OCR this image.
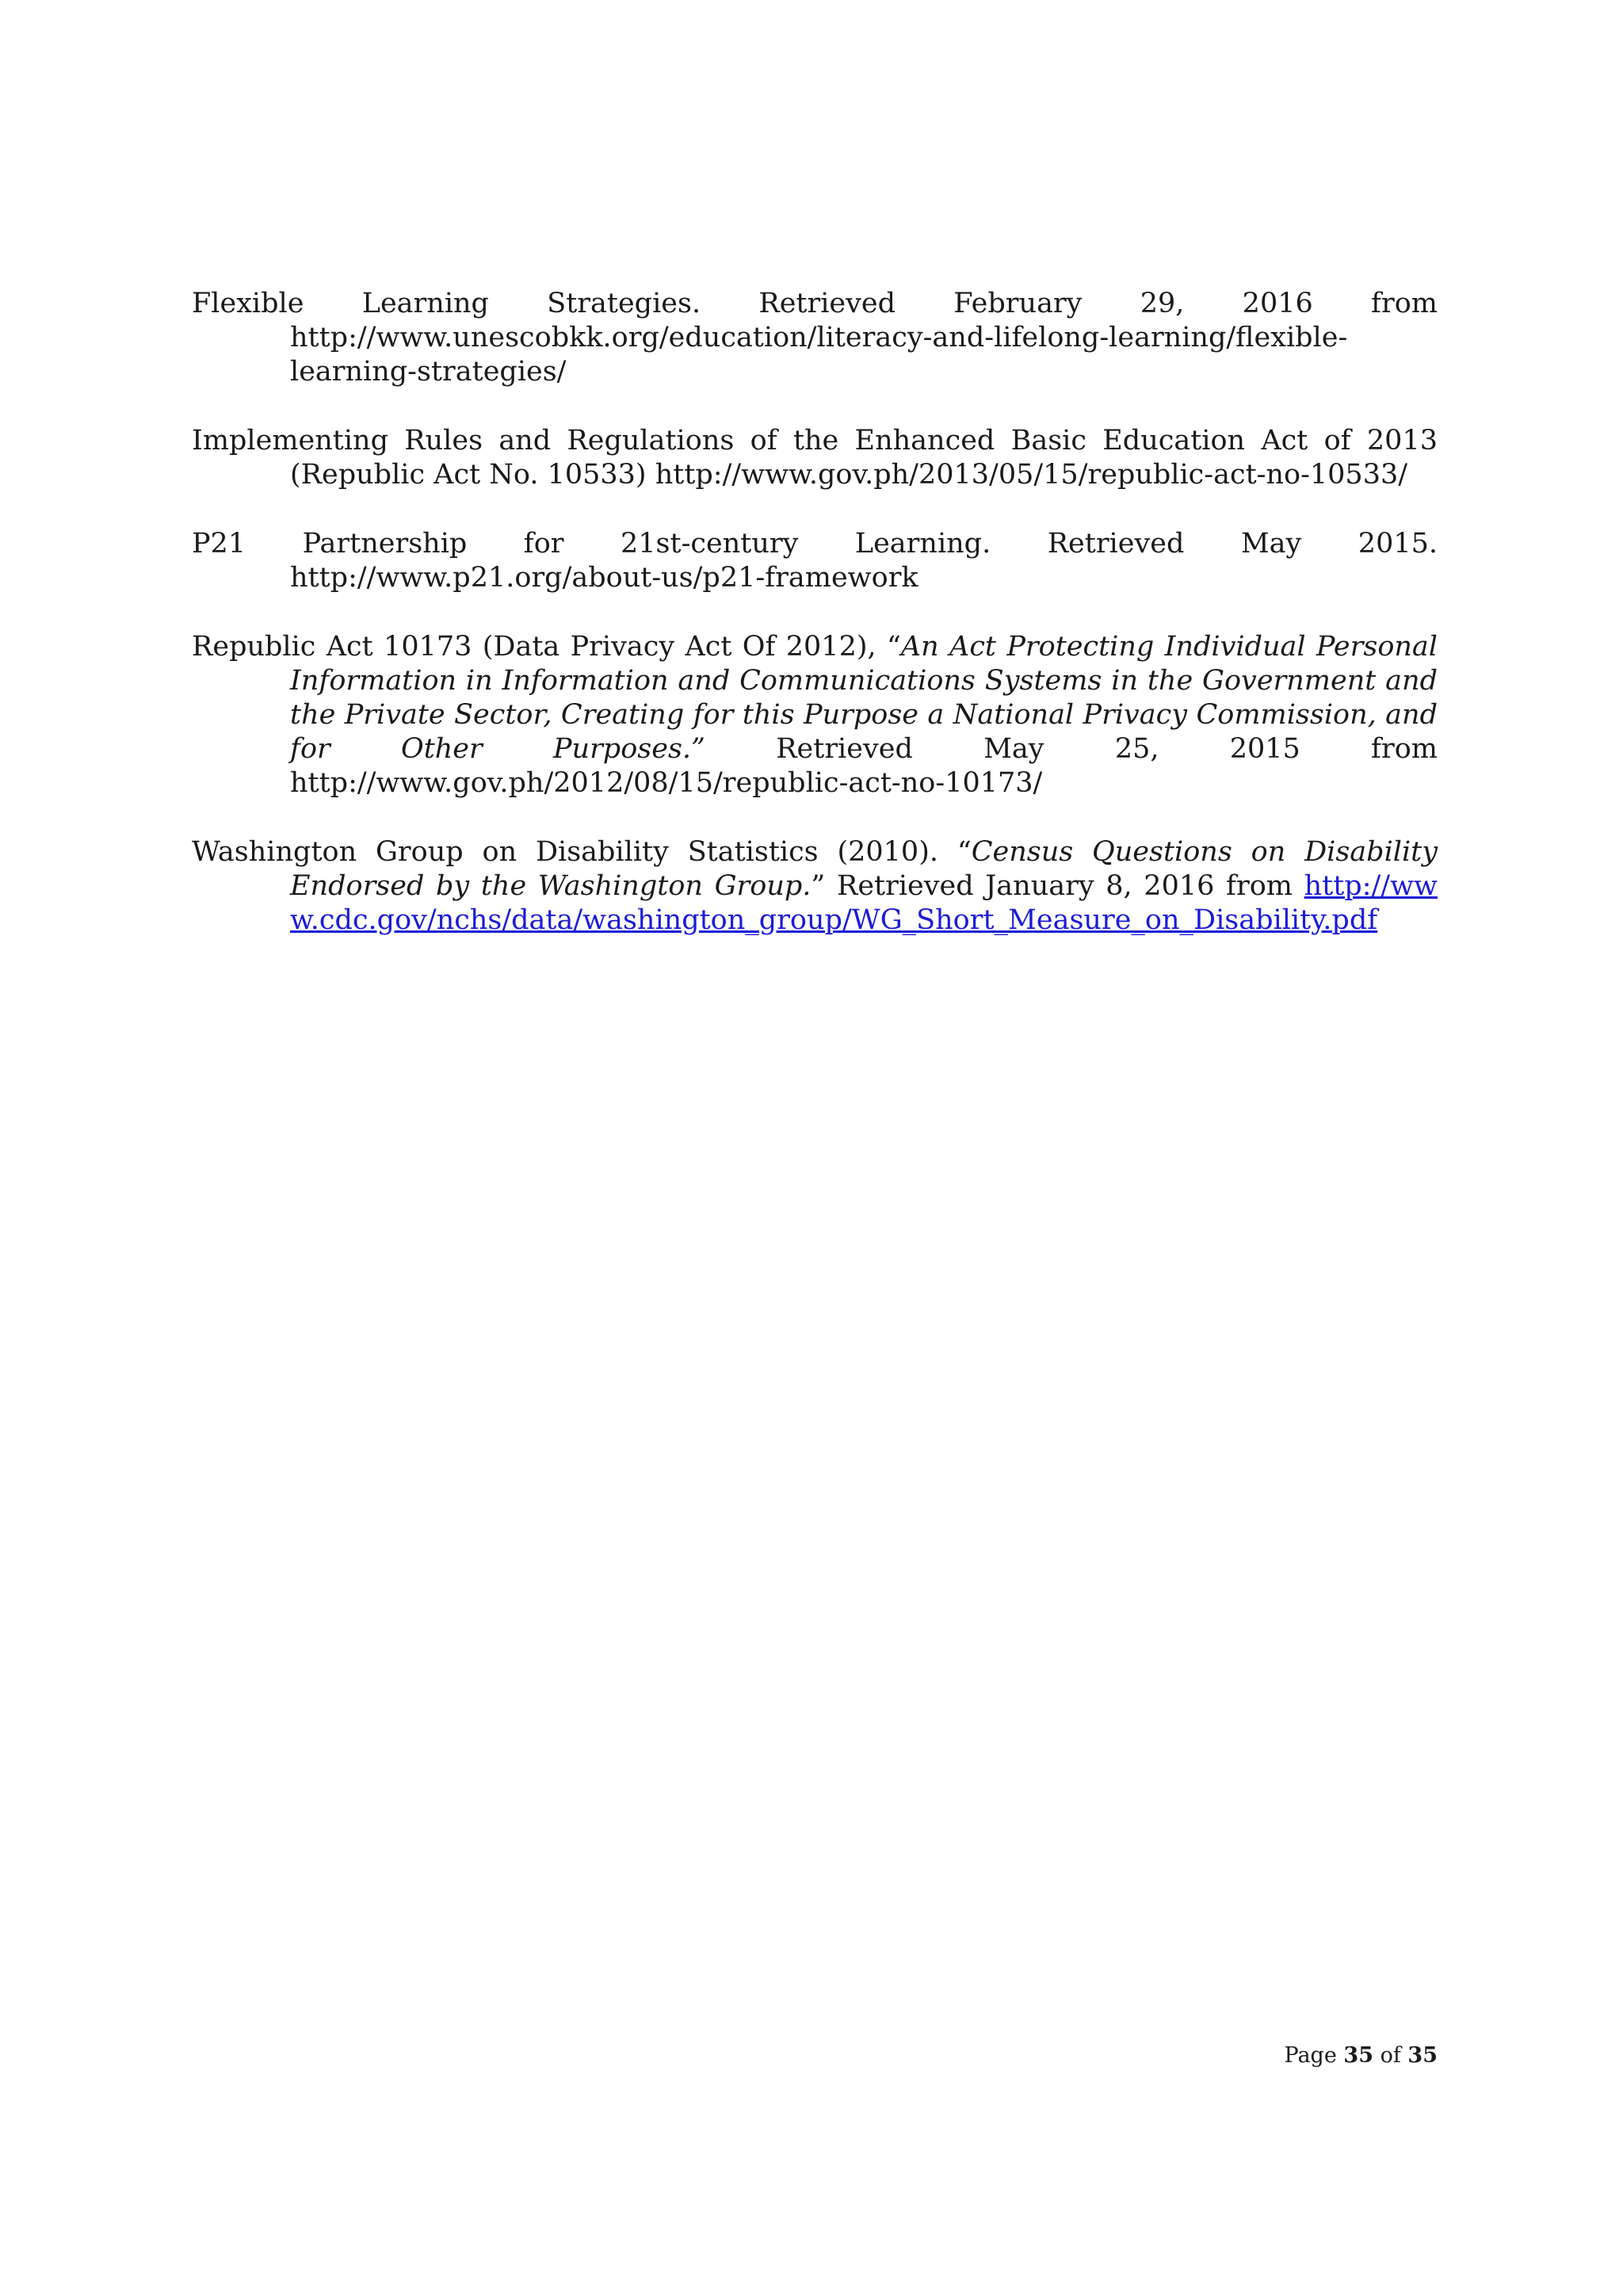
Flexible Learning Strategies. Retrieved February 29, 2016 from http://www.unescobkk.org/education/literacy-and-lifelong-learning/flexible-learning-strategies/

Implementing Rules and Regulations of the Enhanced Basic Education Act of 2013 (Republic Act No. 10533) http://www.gov.ph/2013/05/15/republic-act-no-10533/

P21 Partnership for 21st-century Learning. Retrieved May 2015. http://www.p21.org/about-us/p21-framework

Republic Act 10173 (Data Privacy Act Of 2012), “An Act Protecting Individual Personal Information in Information and Communications Systems in the Government and the Private Sector, Creating for this Purpose a National Privacy Commission, and for Other Purposes.” Retrieved May 25, 2015 from http://www.gov.ph/2012/08/15/republic-act-no-10173/

Washington Group on Disability Statistics (2010). “Census Questions on Disability Endorsed by the Washington Group.” Retrieved January 8, 2016 from http://www.cdc.gov/nchs/data/washington_group/WG_Short_Measure_on_Disability.pdf

Page 35 of 35
